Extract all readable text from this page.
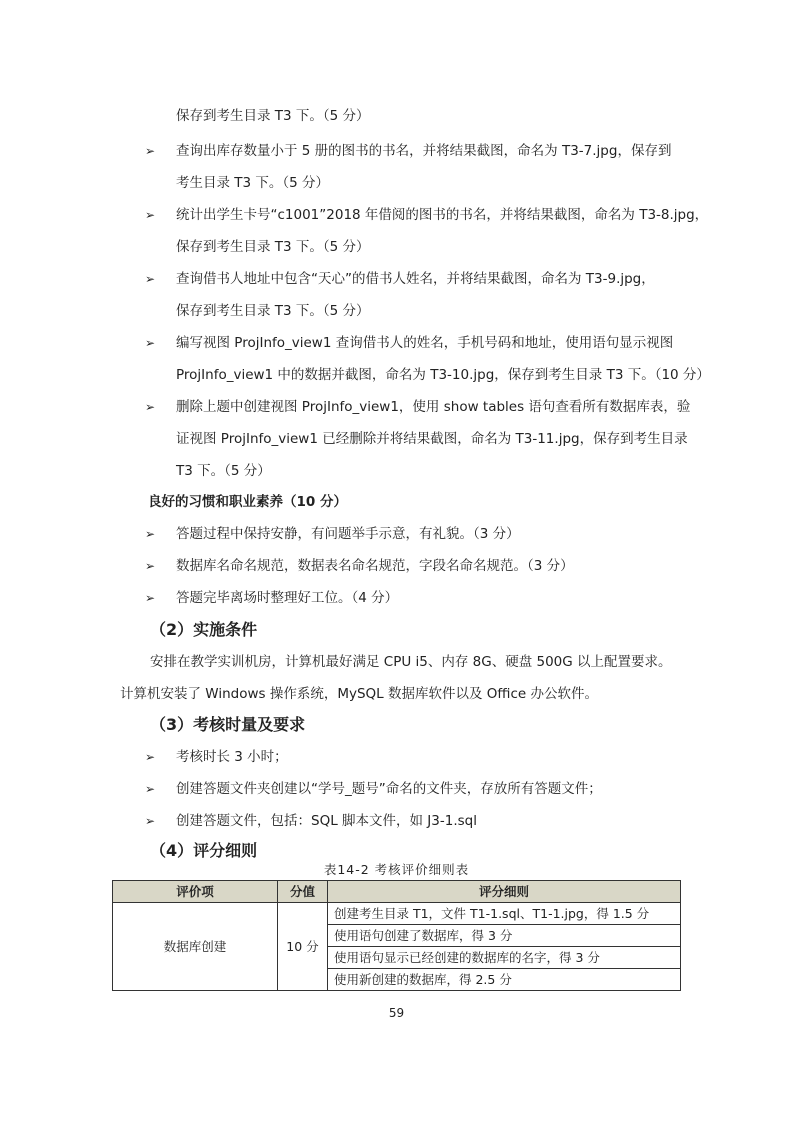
保存到考生目录 T3 下。（5 分）
➢ 查询出库存数量小于 5 册的图书的书名，并将结果截图，命名为 T3-7.jpg，保存到
考生目录 T3 下。（5 分）
➢ 统计出学生卡号“c1001”2018 年借阅的图书的书名，并将结果截图，命名为 T3-8.jpg，
保存到考生目录 T3 下。（5 分）
➢ 查询借书人地址中包含“天心”的借书人姓名，并将结果截图，命名为 T3-9.jpg，
保存到考生目录 T3 下。（5 分）
➢ 编写视图 ProjInfo_view1 查询借书人的姓名，手机号码和地址，使用语句显示视图
ProjInfo_view1 中的数据并截图，命名为 T3-10.jpg，保存到考生目录 T3 下。（10 分）
➢ 删除上题中创建视图 ProjInfo_view1，使用 show tables 语句查看所有数据库表，验
证视图 ProjInfo_view1 已经删除并将结果截图，命名为 T3-11.jpg，保存到考生目录
T3 下。（5 分）
良好的习惯和职业素养（10 分）
➢ 答题过程中保持安静，有问题举手示意，有礼貌。（3 分）
➢ 数据库名命名规范，数据表名命名规范，字段名命名规范。（3 分）
➢ 答题完毕离场时整理好工位。（4 分）
（2）实施条件
安排在教学实训机房，计算机最好满足 CPU i5、内存 8G、硬盘 500G 以上配置要求。
计算机安装了 Windows 操作系统，MySQL 数据库软件以及 Office 办公软件。
（3）考核时量及要求
➢ 考核时长 3 小时；
➢ 创建答题文件夹创建以“学号_题号”命名的文件夹，存放所有答题文件；
➢ 创建答题文件，包括：SQL 脚本文件，如 J3-1.sql
（4）评分细则
表14-2 考核评价细则表
评价项	分值	评分细则
数据库创建	10 分	创建考生目录 T1，文件 T1-1.sql、T1-1.jpg，得 1.5 分
		使用语句创建了数据库，得 3 分
		使用语句显示已经创建的数据库的名字，得 3 分
		使用新创建的数据库，得 2.5 分
59
